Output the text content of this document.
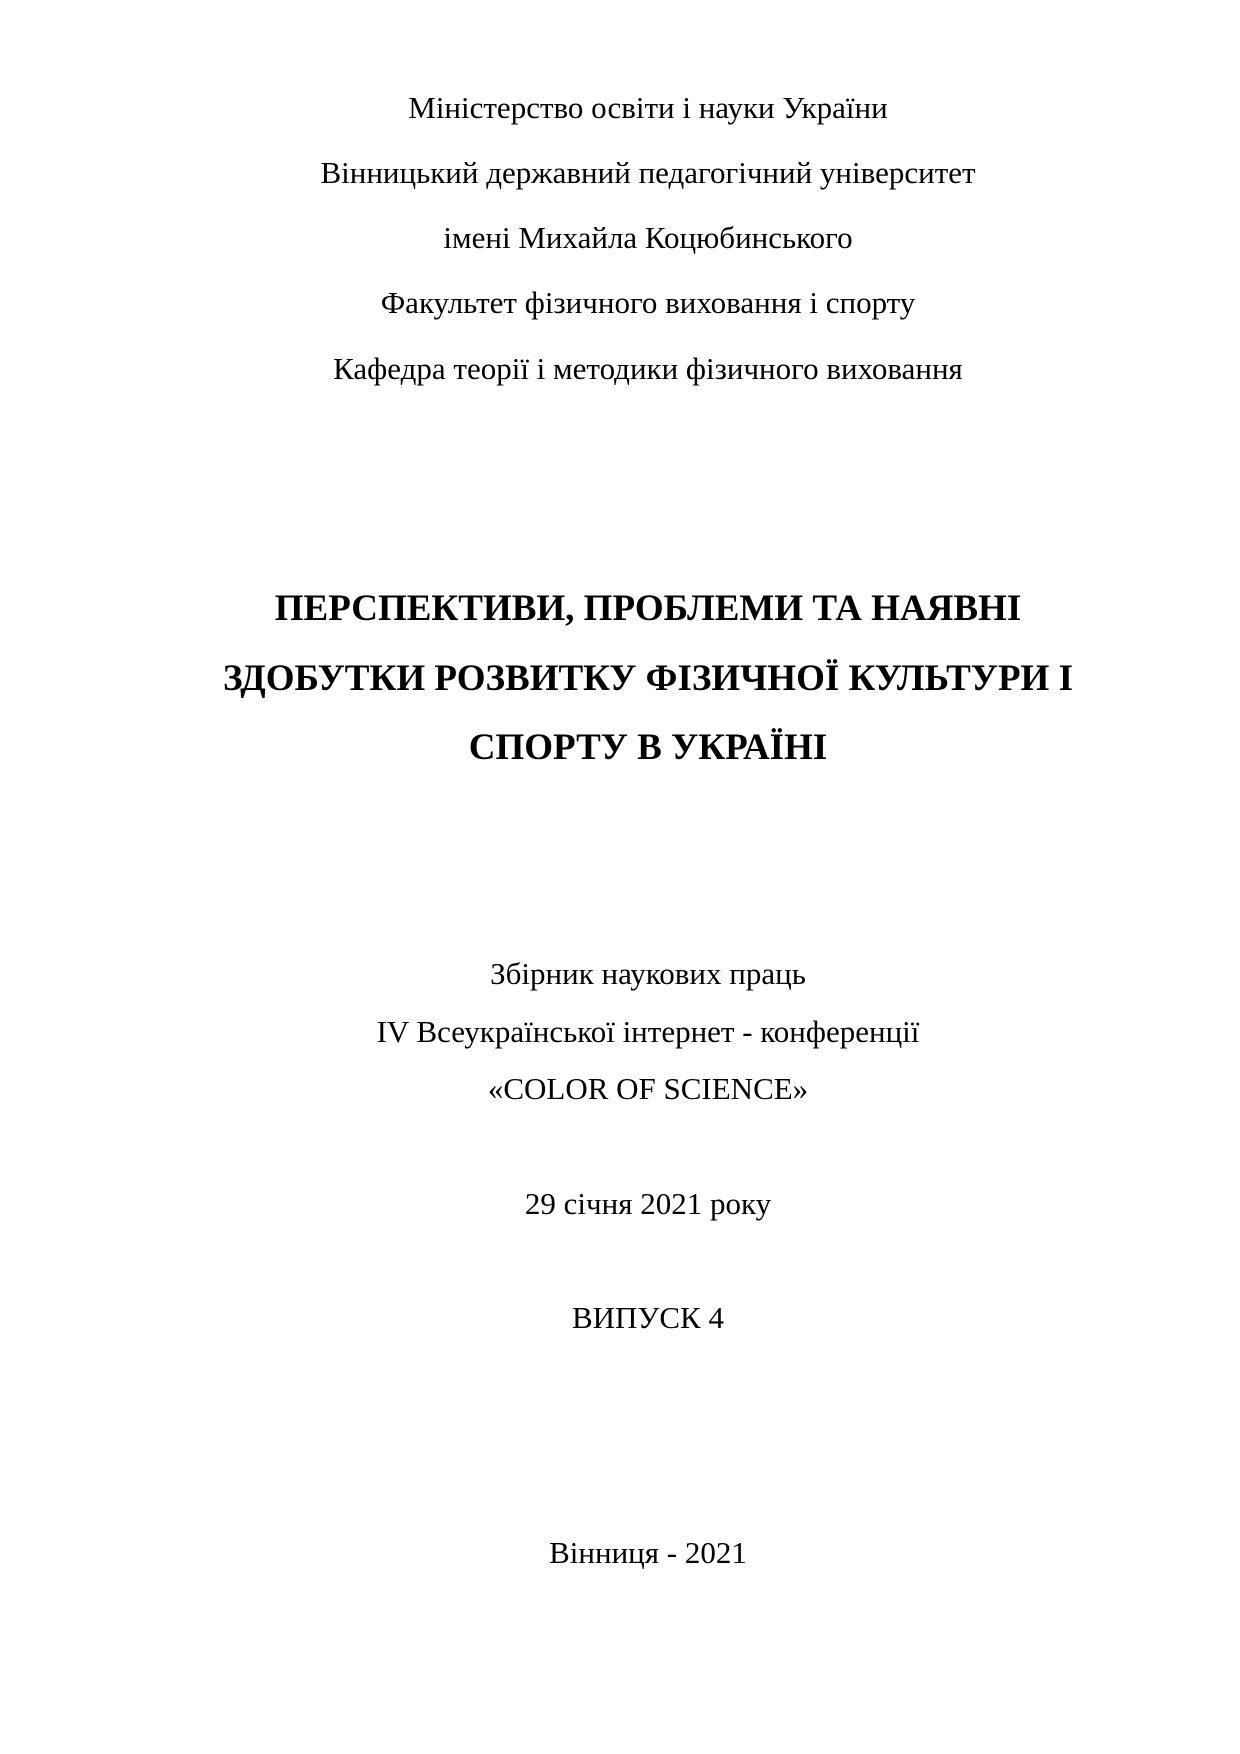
Міністерство освіти і науки України
Вінницький державний педагогічний університет
імені Михайла Коцюбинського
Факультет фізичного виховання і спорту
Кафедра теорії і методики фізичного виховання
ПЕРСПЕКТИВИ, ПРОБЛЕМИ ТА НАЯВНІ
ЗДОБУТКИ РОЗВИТКУ ФІЗИЧНОЇ КУЛЬТУРИ І
СПОРТУ В УКРАЇНІ
Збірник наукових праць
IV Всеукраїнської інтернет - конференції
«COLOR OF SCIENCE»
29 січня 2021 року
ВИПУСК 4
Вінниця - 2021
